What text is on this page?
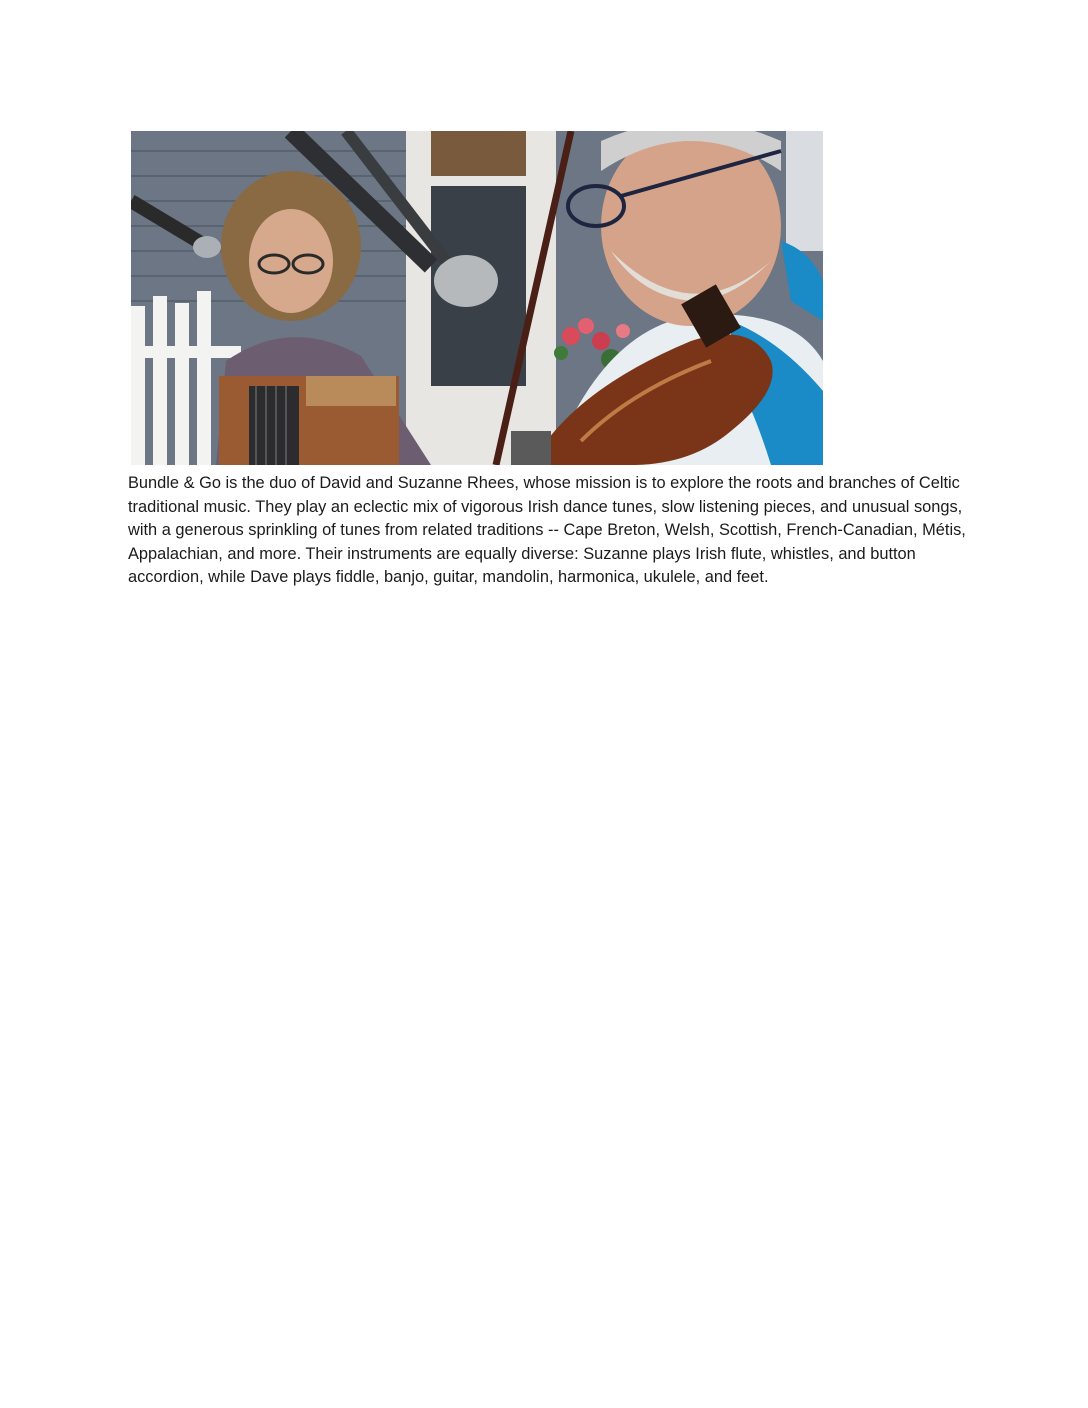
Bundle & Go is the duo of David and Suzanne Rhees, whose mission is to explore the roots and branches of Celtic traditional music. They play an eclectic mix of vigorous Irish dance tunes, slow listening pieces, and unusual songs, with a generous sprinkling of tunes from related traditions -- Cape Breton, Welsh, Scottish, French-Canadian, Métis, Appalachian, and more. Their instruments are equally diverse: Suzanne plays Irish flute, whistles, and button accordion, while Dave plays fiddle, banjo, guitar, mandolin, harmonica, ukulele, and feet.
